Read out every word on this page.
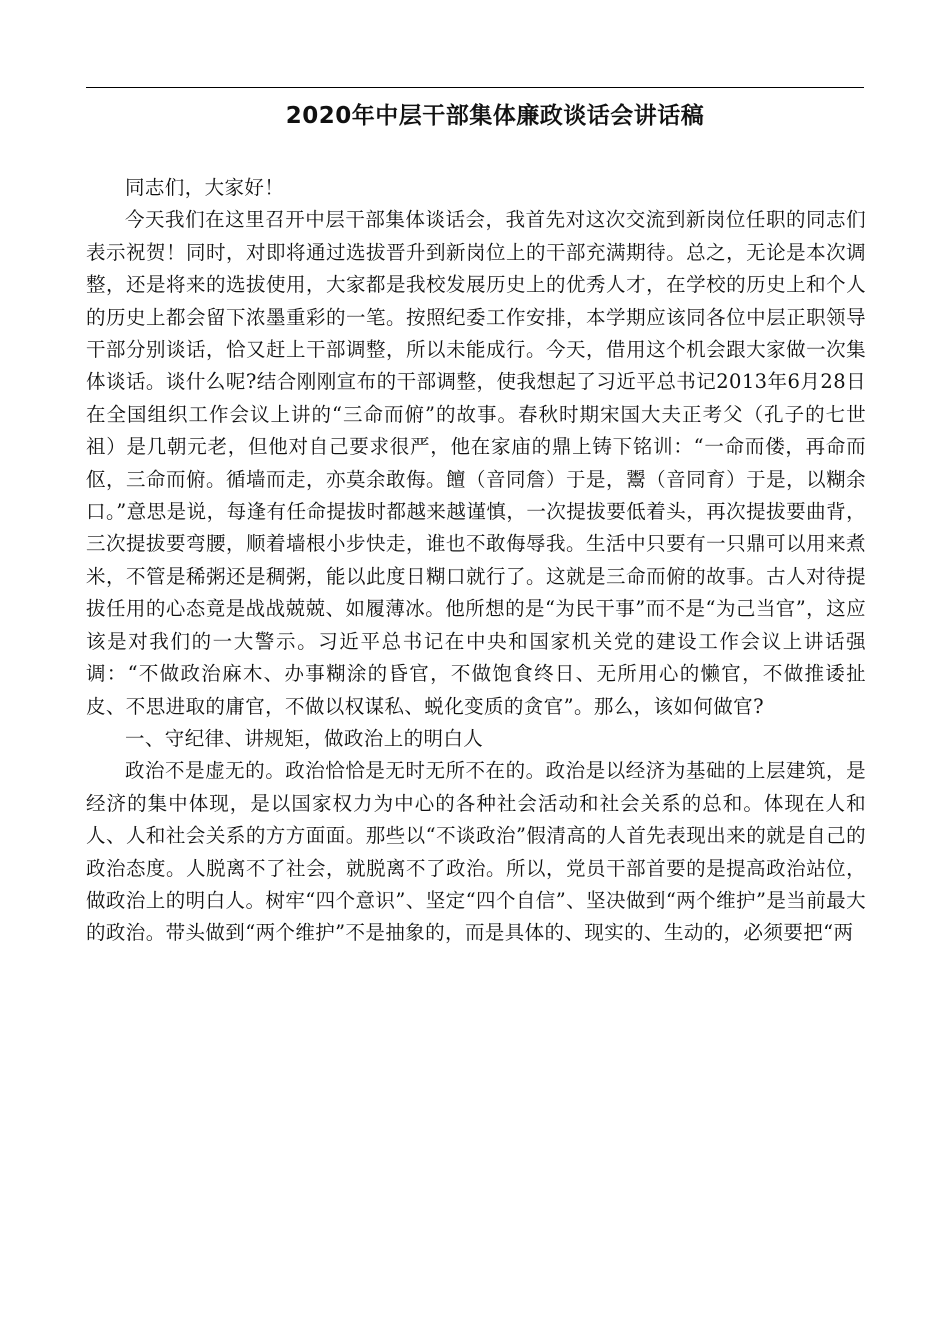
2020年中层干部集体廉政谈话会讲话稿

同志们，大家好！

今天我们在这里召开中层干部集体谈话会，我首先对这次交流到新岗位任职的同志们表示祝贺！同时，对即将通过选拔晋升到新岗位上的干部充满期待。总之，无论是本次调整，还是将来的选拔使用，大家都是我校发展历史上的优秀人才，在学校的历史上和个人的历史上都会留下浓墨重彩的一笔。按照纪委工作安排，本学期应该同各位中层正职领导干部分别谈话，恰又赶上干部调整，所以未能成行。今天，借用这个机会跟大家做一次集体谈话。谈什么呢?结合刚刚宣布的干部调整，使我想起了习近平总书记2013年6月28日在全国组织工作会议上讲的“三命而俯”的故事。春秋时期宋国大夫正考父（孔子的七世祖）是几朝元老，但他对自己要求很严，他在家庙的鼎上铸下铭训：“一命而偻，再命而伛，三命而俯。循墙而走，亦莫余敢侮。饘（音同詹）于是，鬻（音同育）于是，以糊余口。”意思是说，每逢有任命提拔时都越来越谨慎，一次提拔要低着头，再次提拔要曲背，三次提拔要弯腰，顺着墙根小步快走，谁也不敢侮辱我。生活中只要有一只鼎可以用来煮米，不管是稀粥还是稠粥，能以此度日糊口就行了。这就是三命而俯的故事。古人对待提拔任用的心态竟是战战兢兢、如履薄冰。他所想的是“为民干事”而不是“为己当官”，这应该是对我们的一大警示。习近平总书记在中央和国家机关党的建设工作会议上讲话强调：“不做政治麻木、办事糊涂的昏官，不做饱食终日、无所用心的懒官，不做推诿扯皮、不思进取的庸官，不做以权谋私、蜕化变质的贪官”。那么，该如何做官?

一、守纪律、讲规矩，做政治上的明白人

政治不是虚无的。政治恰恰是无时无所不在的。政治是以经济为基础的上层建筑，是经济的集中体现，是以国家权力为中心的各种社会活动和社会关系的总和。体现在人和人、人和社会关系的方方面面。那些以“不谈政治”假清高的人首先表现出来的就是自己的政治态度。人脱离不了社会，就脱离不了政治。所以，党员干部首要的是提高政治站位，做政治上的明白人。树牢“四个意识”、坚定“四个自信”、坚决做到“两个维护”是当前最大的政治。带头做到“两个维护”不是抽象的，而是具体的、现实的、生动的，必须要把“两
